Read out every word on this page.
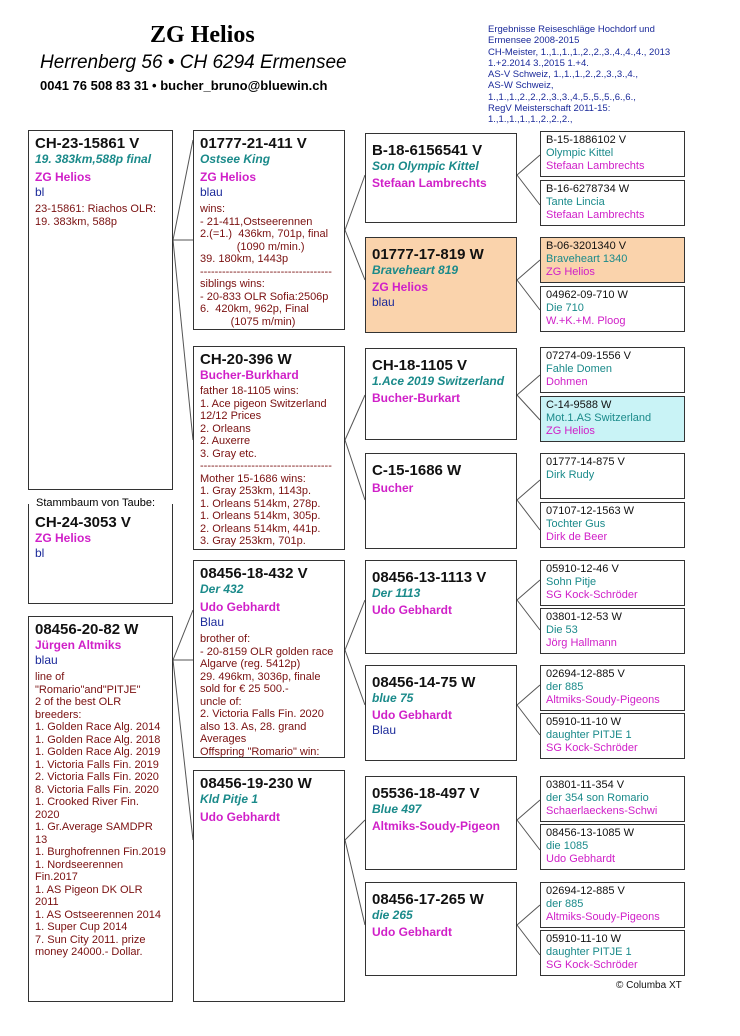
ZG Helios
Herrenberg 56 • CH 6294 Ermensee
0041 76 508 83 31 • bucher_bruno@bluewin.ch
Ergebnisse Reiseschläge Hochdorf und
Ermensee 2008-2015
CH-Meister, 1.,1.,1.,1.,2.,2.,3.,4.,4.,4., 2013
1.+2.2014 3.,2015 1.+4.
AS-V Schweiz, 1.,1.,1.,2.,2.,3.,3.,4.,
AS-W Schweiz,
1.,1.,1.,2.,2.,2.,3.,3.,4.,5.,5.,5.,6.,6.,
RegV Meisterschaft 2011-15:
1.,1.,1.,1.,1.,2.,2.,2.,
CH-23-15861 V
19. 383km,588p final
ZG Helios
bl
23-15861: Riachos OLR:
19. 383km, 588p
CH-24-3053 V
ZG Helios
bl
Stammbaum von Taube:
08456-20-82 W
Jürgen Altmiks
blau
line of
"Romario"and"PITJE"
2 of the best OLR breeders:
1. Golden Race Alg. 2014
1. Golden Race Alg. 2018
1. Golden Race Alg. 2019
1. Victoria Falls Fin. 2019
2. Victoria Falls Fin. 2020
8. Victoria Falls Fin. 2020
1. Crooked River Fin. 2020
1. Gr.Average SAMDPR 13
1. Burghofrennen Fin.2019
1. Nordseerennen Fin.2017
1. AS Pigeon DK OLR 2011
1. AS Ostseerennen 2014
1. Super Cup 2014
7. Sun City 2011. prize
money 24000.- Dollar.
01777-21-411 V
Ostsee King
ZG Helios
blau
wins:
- 21-411,Ostseerennen
2.(=1.)  436km, 701p, final
(1090 m/min.)
39. 180km, 1443p
------------------------------------
siblings wins:
- 20-833 OLR Sofia:2506p
6.  420km, 962p, Final
(1075 m/min)
CH-20-396 W
Bucher-Burkhard
father 18-1105 wins:
1. Ace pigeon Switzerland
12/12 Prices
2. Orleans
2. Auxerre
3. Gray etc.
------------------------------------
Mother 15-1686 wins:
1. Gray 253km, 1143p.
1. Orleans 514km, 278p.
1. Orleans 514km, 305p.
2. Orleans 514km, 441p.
3. Gray 253km, 701p.
08456-18-432 V
Der 432
Udo Gebhardt
Blau
brother of:
- 20-8159 OLR golden race
Algarve (reg. 5412p)
29. 496km, 3036p, finale
sold for € 25 500.-
uncle of:
2. Victoria Falls Fin. 2020
also 13. As, 28. grand
Averages
Offspring "Romario" win:
08456-19-230 W
Kld Pitje 1
Udo Gebhardt
B-18-6156541 V
Son Olympic Kittel
Stefaan Lambrechts
01777-17-819 W
Braveheart 819
ZG Helios
blau
CH-18-1105 V
1.Ace 2019 Switzerland
Bucher-Burkart
C-15-1686 W
Bucher
08456-13-1113 V
Der 1113
Udo Gebhardt
08456-14-75 W
blue 75
Udo Gebhardt
Blau
05536-18-497 V
Blue 497
Altmiks-Soudy-Pigeon
08456-17-265 W
die 265
Udo Gebhardt
B-15-1886102 V
Olympic Kittel
Stefaan Lambrechts
B-16-6278734 W
Tante Lincia
Stefaan Lambrechts
B-06-3201340 V
Braveheart 1340
ZG Helios
04962-09-710 W
Die 710
W.+K.+M. Ploog
07274-09-1556 V
Fahle Domen
Dohmen
C-14-9588 W
Mot.1.AS Switzerland
ZG Helios
01777-14-875 V
Dirk Rudy
07107-12-1563 W
Tochter Gus
Dirk de Beer
05910-12-46 V
Sohn Pitje
SG Kock-Schröder
03801-12-53 W
Die 53
Jörg Hallmann
02694-12-885 V
der 885
Altmiks-Soudy-Pigeons
05910-11-10 W
daughter PITJE 1
SG Kock-Schröder
03801-11-354 V
der 354 son Romario
Schaerlaeckens-Schwi
08456-13-1085 W
die 1085
Udo Gebhardt
02694-12-885 V
der 885
Altmiks-Soudy-Pigeons
05910-11-10 W
daughter PITJE 1
SG Kock-Schröder
© Columba XT
